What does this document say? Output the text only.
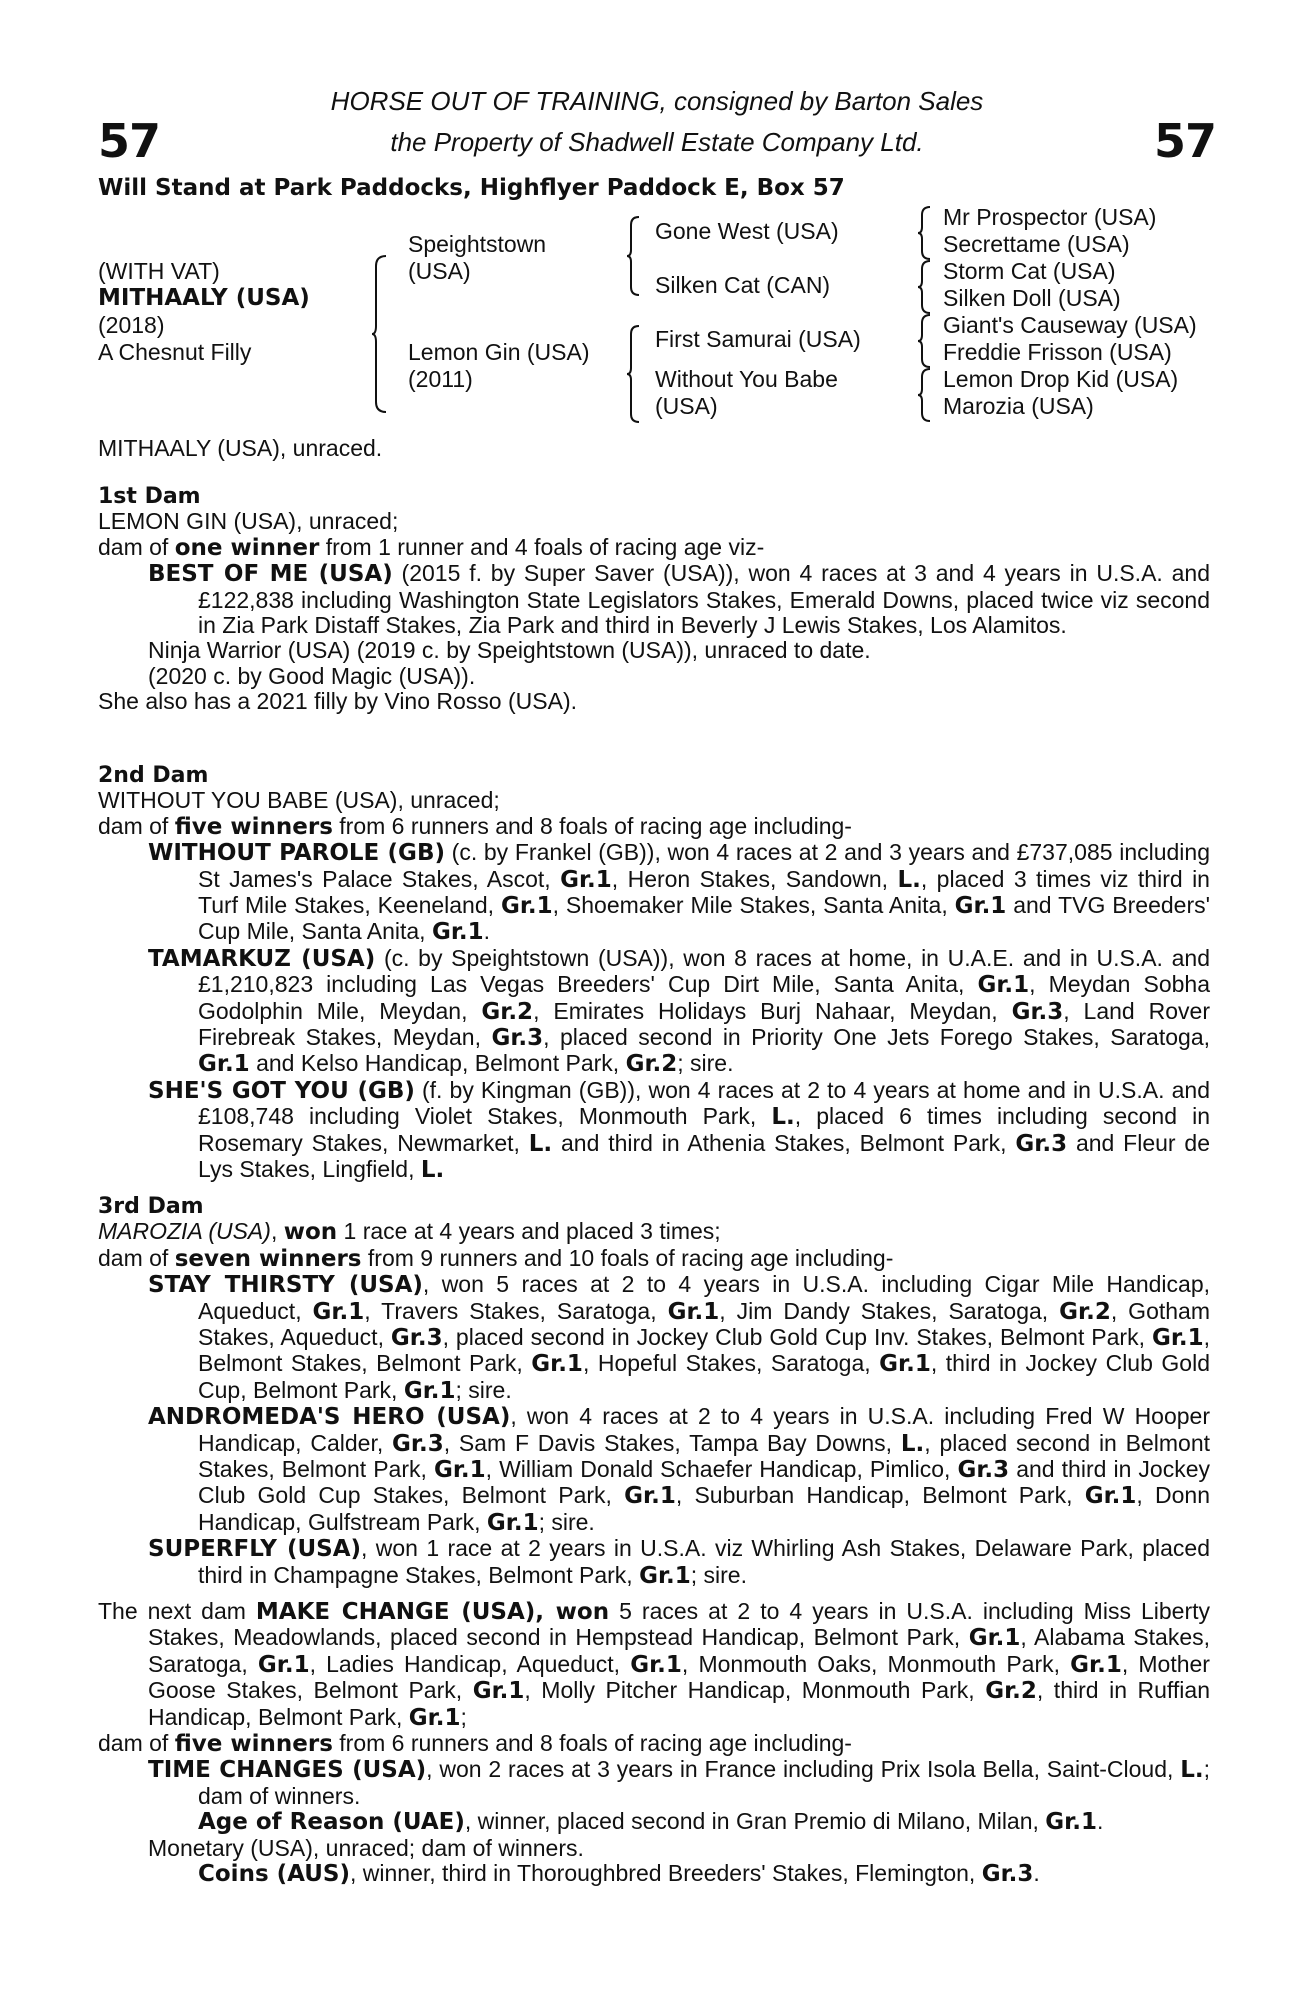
57	57
HORSE OUT OF TRAINING, consigned by Barton Sales
the Property of Shadwell Estate Company Ltd.
Will Stand at Park Paddocks, Highflyer Paddock E, Box 57
(WITH VAT)
MITHAALY (USA)
(2018)
A Chesnut Filly
Speightstown
(USA)
Lemon Gin (USA)
(2011)
Gone West (USA)
Silken Cat (CAN)
First Samurai (USA)
Without You Babe
(USA)
Mr Prospector (USA)
Secrettame (USA)
Storm Cat (USA)
Silken Doll (USA)
Giant's Causeway (USA)
Freddie Frisson (USA)
Lemon Drop Kid (USA)
Marozia (USA)
MITHAALY (USA), unraced.

1st Dam

LEMON GIN (USA), unraced;

dam of one winner from 1 runner and 4 foals of racing age viz-

BEST OF ME (USA) (2015 f. by Super Saver (USA)), won 4 races at 3 and 4 years in U.S.A. and £122,838 including Washington State Legislators Stakes, Emerald Downs, placed twice viz second in Zia Park Distaff Stakes, Zia Park and third in Beverly J Lewis Stakes, Los Alamitos.

Ninja Warrior (USA) (2019 c. by Speightstown (USA)), unraced to date.

(2020 c. by Good Magic (USA)).

She also has a 2021 filly by Vino Rosso (USA).

2nd Dam

WITHOUT YOU BABE (USA), unraced;

dam of five winners from 6 runners and 8 foals of racing age including-

WITHOUT PAROLE (GB) (c. by Frankel (GB)), won 4 races at 2 and 3 years and £737,085 including St James's Palace Stakes, Ascot, Gr.1, Heron Stakes, Sandown, L., placed 3 times viz third in Turf Mile Stakes, Keeneland, Gr.1, Shoemaker Mile Stakes, Santa Anita, Gr.1 and TVG Breeders' Cup Mile, Santa Anita, Gr.1.

TAMARKUZ (USA) (c. by Speightstown (USA)), won 8 races at home, in U.A.E. and in U.S.A. and £1,210,823 including Las Vegas Breeders' Cup Dirt Mile, Santa Anita, Gr.1, Meydan Sobha Godolphin Mile, Meydan, Gr.2, Emirates Holidays Burj Nahaar, Meydan, Gr.3, Land Rover Firebreak Stakes, Meydan, Gr.3, placed second in Priority One Jets Forego Stakes, Saratoga, Gr.1 and Kelso Handicap, Belmont Park, Gr.2; sire.

SHE'S GOT YOU (GB) (f. by Kingman (GB)), won 4 races at 2 to 4 years at home and in U.S.A. and £108,748 including Violet Stakes, Monmouth Park, L., placed 6 times including second in Rosemary Stakes, Newmarket, L. and third in Athenia Stakes, Belmont Park, Gr.3 and Fleur de Lys Stakes, Lingfield, L.

3rd Dam

MAROZIA (USA), won 1 race at 4 years and placed 3 times;

dam of seven winners from 9 runners and 10 foals of racing age including-

STAY THIRSTY (USA), won 5 races at 2 to 4 years in U.S.A. including Cigar Mile Handicap, Aqueduct, Gr.1, Travers Stakes, Saratoga, Gr.1, Jim Dandy Stakes, Saratoga, Gr.2, Gotham Stakes, Aqueduct, Gr.3, placed second in Jockey Club Gold Cup Inv. Stakes, Belmont Park, Gr.1, Belmont Stakes, Belmont Park, Gr.1, Hopeful Stakes, Saratoga, Gr.1, third in Jockey Club Gold Cup, Belmont Park, Gr.1; sire.

ANDROMEDA'S HERO (USA), won 4 races at 2 to 4 years in U.S.A. including Fred W Hooper Handicap, Calder, Gr.3, Sam F Davis Stakes, Tampa Bay Downs, L., placed second in Belmont Stakes, Belmont Park, Gr.1, William Donald Schaefer Handicap, Pimlico, Gr.3 and third in Jockey Club Gold Cup Stakes, Belmont Park, Gr.1, Suburban Handicap, Belmont Park, Gr.1, Donn Handicap, Gulfstream Park, Gr.1; sire.

SUPERFLY (USA), won 1 race at 2 years in U.S.A. viz Whirling Ash Stakes, Delaware Park, placed third in Champagne Stakes, Belmont Park, Gr.1; sire.

The next dam MAKE CHANGE (USA), won 5 races at 2 to 4 years in U.S.A. including Miss Liberty Stakes, Meadowlands, placed second in Hempstead Handicap, Belmont Park, Gr.1, Alabama Stakes, Saratoga, Gr.1, Ladies Handicap, Aqueduct, Gr.1, Monmouth Oaks, Monmouth Park, Gr.1, Mother Goose Stakes, Belmont Park, Gr.1, Molly Pitcher Handicap, Monmouth Park, Gr.2, third in Ruffian Handicap, Belmont Park, Gr.1;

dam of five winners from 6 runners and 8 foals of racing age including-

TIME CHANGES (USA), won 2 races at 3 years in France including Prix Isola Bella, Saint-Cloud, L.; dam of winners.

Age of Reason (UAE), winner, placed second in Gran Premio di Milano, Milan, Gr.1.

Monetary (USA), unraced; dam of winners.

Coins (AUS), winner, third in Thoroughbred Breeders' Stakes, Flemington, Gr.3.
